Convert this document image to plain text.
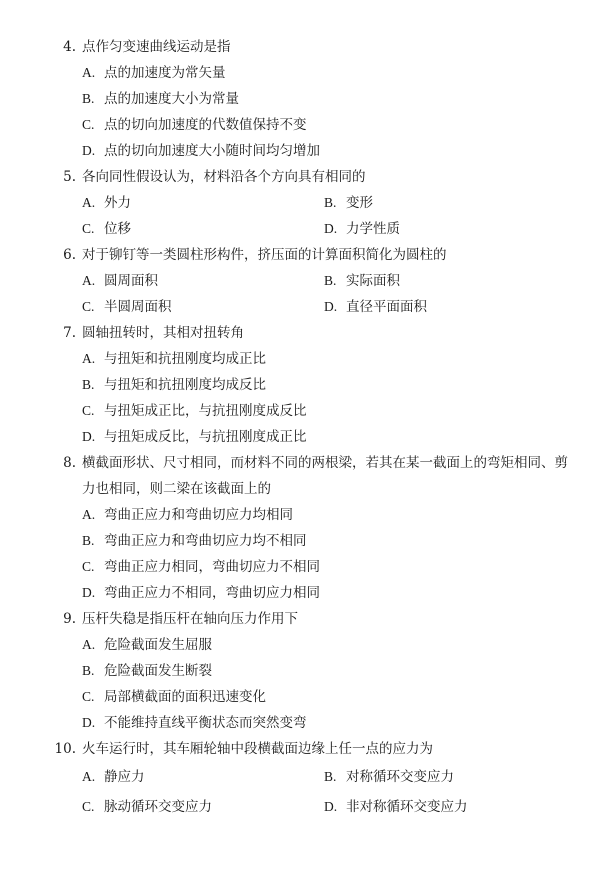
4. 点作匀变速曲线运动是指
A. 点的加速度为常矢量
B. 点的加速度大小为常量
C. 点的切向加速度的代数值保持不变
D. 点的切向加速度大小随时间均匀增加
5. 各向同性假设认为，材料沿各个方向具有相同的
A. 外力	B. 变形
C. 位移	D. 力学性质
6. 对于铆钉等一类圆柱形构件，挤压面的计算面积简化为圆柱的
A. 圆周面积	B. 实际面积
C. 半圆周面积	D. 直径平面面积
7. 圆轴扭转时，其相对扭转角
A. 与扭矩和抗扭刚度均成正比
B. 与扭矩和抗扭刚度均成反比
C. 与扭矩成正比，与抗扭刚度成反比
D. 与扭矩成反比，与抗扭刚度成正比
8. 横截面形状、尺寸相同，而材料不同的两根梁，若其在某一截面上的弯矩相同、剪
力也相同，则二梁在该截面上的
A. 弯曲正应力和弯曲切应力均相同
B. 弯曲正应力和弯曲切应力均不相同
C. 弯曲正应力相同，弯曲切应力不相同
D. 弯曲正应力不相同，弯曲切应力相同
9. 压杆失稳是指压杆在轴向压力作用下
A. 危险截面发生屈服
B. 危险截面发生断裂
C. 局部横截面的面积迅速变化
D. 不能维持直线平衡状态而突然变弯
10. 火车运行时，其车厢轮轴中段横截面边缘上任一点的应力为
A. 静应力	B. 对称循环交变应力
C. 脉动循环交变应力	D. 非对称循环交变应力
